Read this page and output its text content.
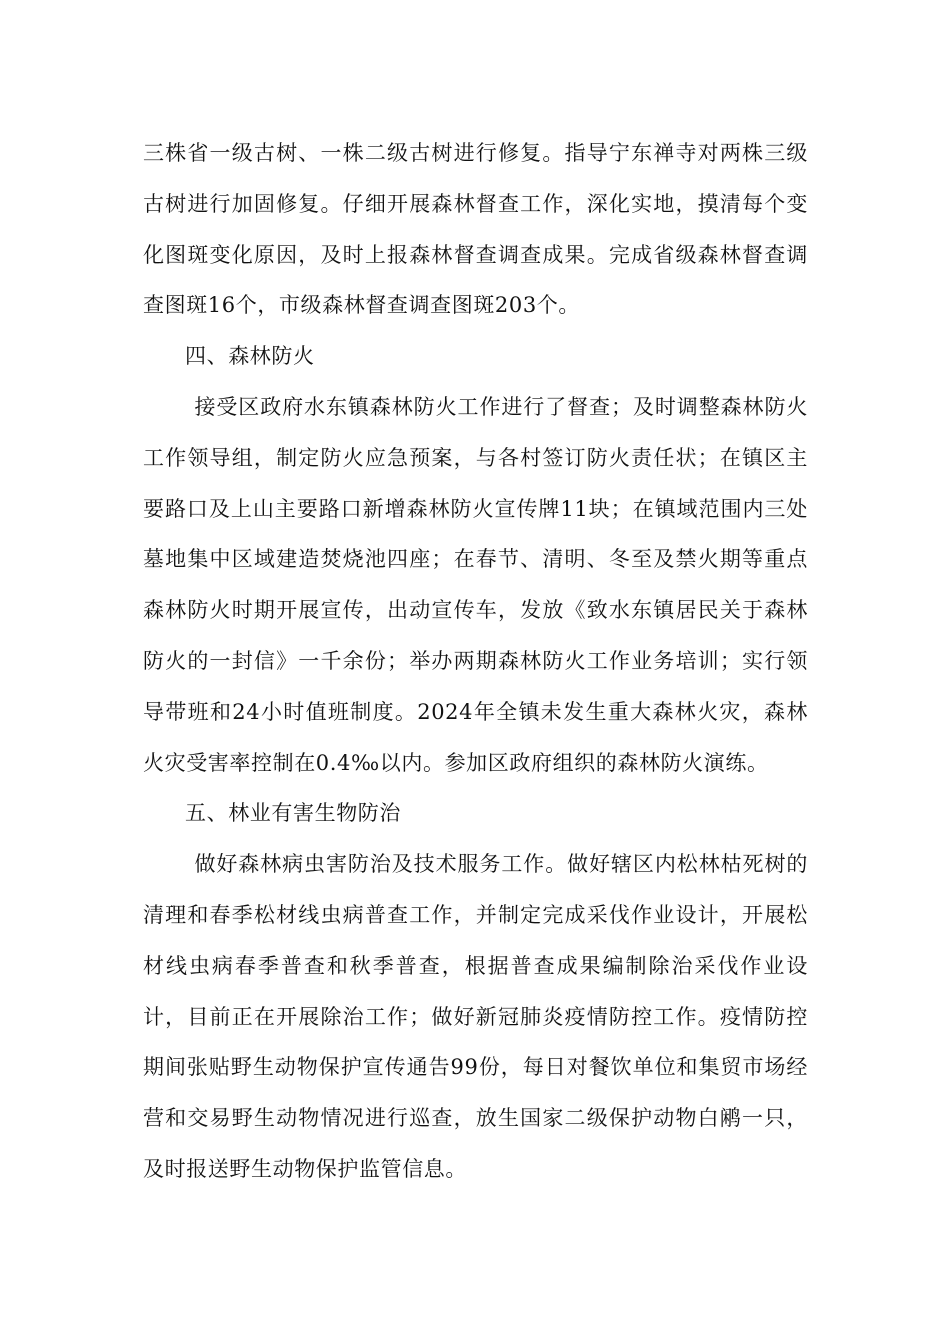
三株省一级古树、一株二级古树进行修复。指导宁东禅寺对两株三级古树进行加固修复。仔细开展森林督查工作，深化实地，摸清每个变化图斑变化原因，及时上报森林督查调查成果。完成省级森林督查调查图斑16个，市级森林督查调查图斑203个。

四、森林防火

接受区政府水东镇森林防火工作进行了督查；及时调整森林防火工作领导组，制定防火应急预案，与各村签订防火责任状；在镇区主要路口及上山主要路口新增森林防火宣传牌11块；在镇域范围内三处墓地集中区域建造焚烧池四座；在春节、清明、冬至及禁火期等重点森林防火时期开展宣传，出动宣传车，发放《致水东镇居民关于森林防火的一封信》一千余份；举办两期森林防火工作业务培训；实行领导带班和24小时值班制度。2024年全镇未发生重大森林火灾，森林火灾受害率控制在0.4‰以内。参加区政府组织的森林防火演练。

五、林业有害生物防治

做好森林病虫害防治及技术服务工作。做好辖区内松林枯死树的清理和春季松材线虫病普查工作，并制定完成采伐作业设计，开展松材线虫病春季普查和秋季普查，根据普查成果编制除治采伐作业设计，目前正在开展除治工作；做好新冠肺炎疫情防控工作。疫情防控期间张贴野生动物保护宣传通告99份，每日对餐饮单位和集贸市场经营和交易野生动物情况进行巡查，放生国家二级保护动物白鹇一只，及时报送野生动物保护监管信息。
